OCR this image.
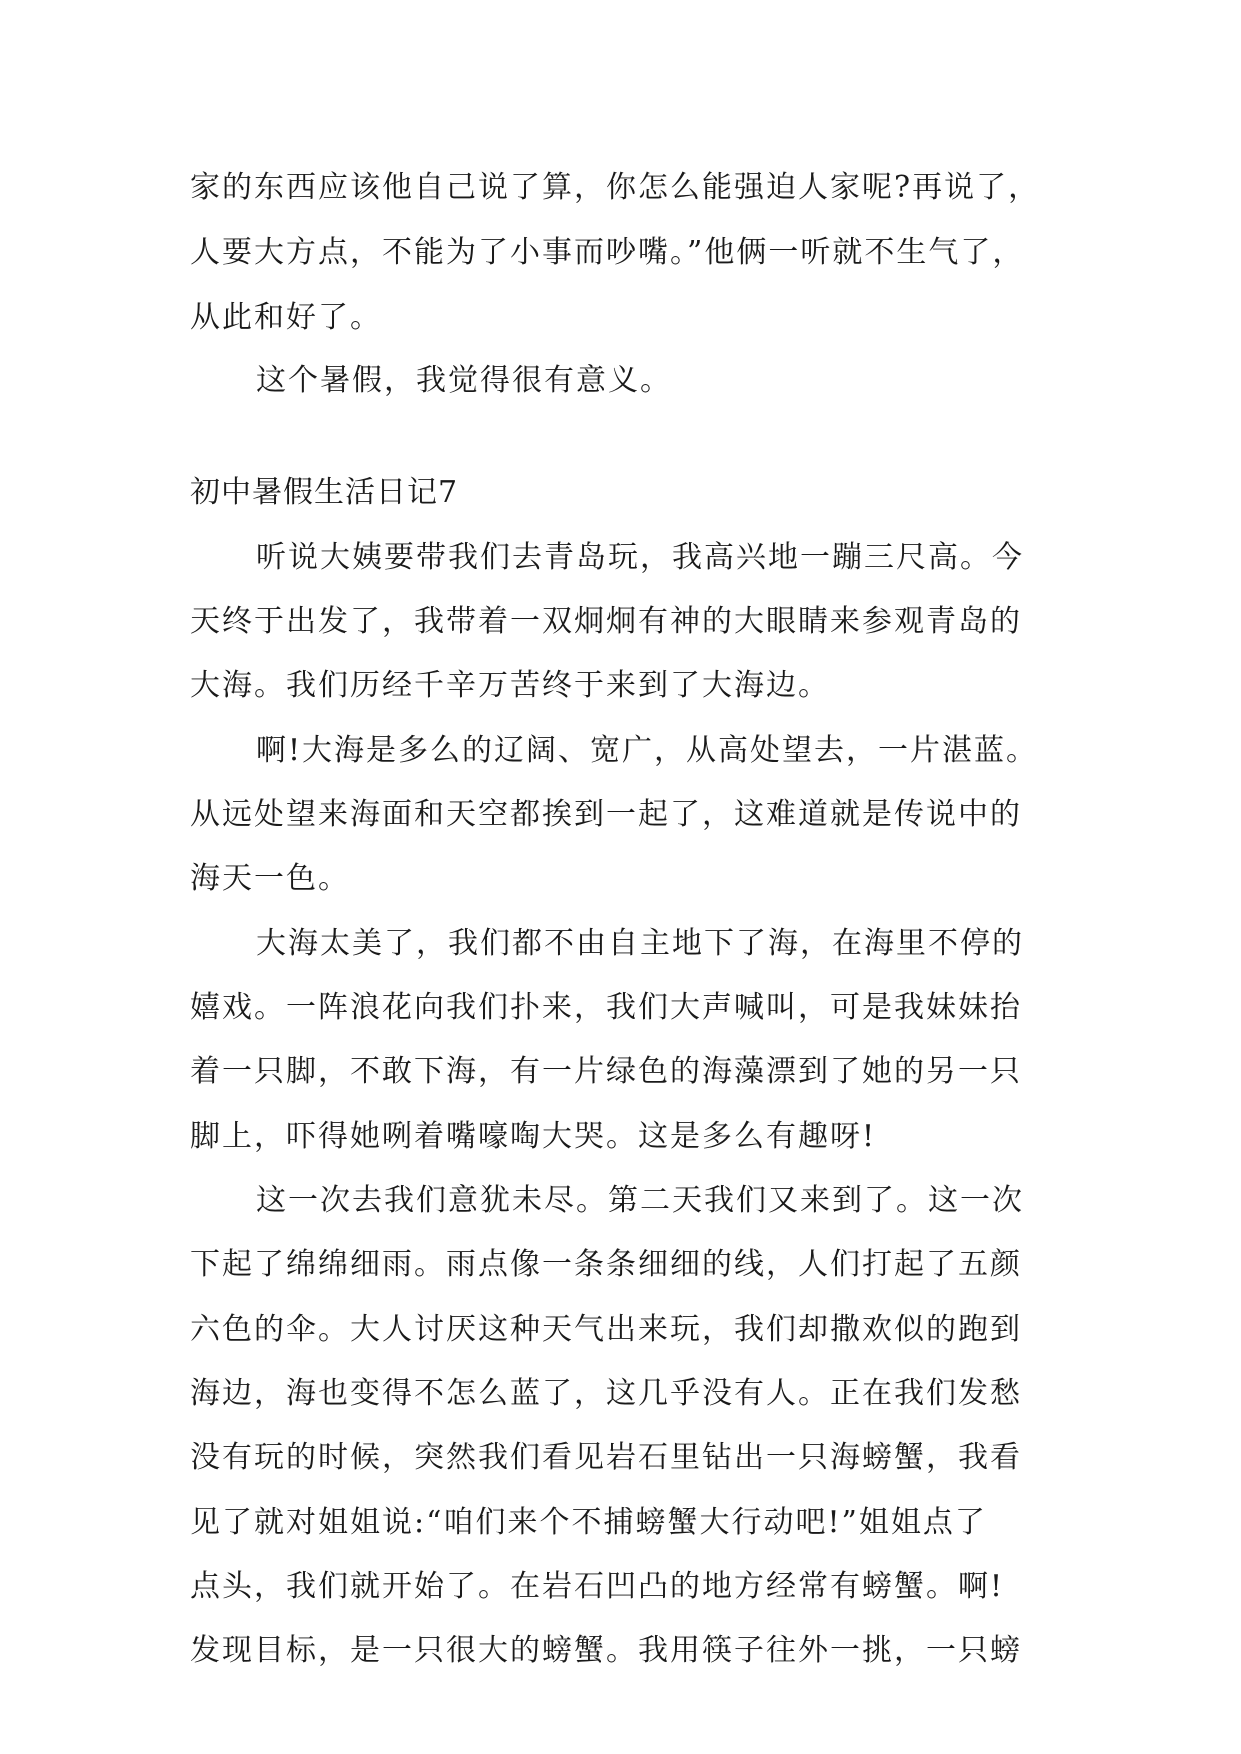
家的东西应该他自己说了算，你怎么能强迫人家呢?再说了，

人要大方点，不能为了小事而吵嘴。”他俩一听就不生气了，

从此和好了。

这个暑假，我觉得很有意义。

初中暑假生活日记7

听说大姨要带我们去青岛玩，我高兴地一蹦三尺高。今

天终于出发了，我带着一双炯炯有神的大眼睛来参观青岛的

大海。我们历经千辛万苦终于来到了大海边。

啊!大海是多么的辽阔、宽广，从高处望去，一片湛蓝。

从远处望来海面和天空都挨到一起了，这难道就是传说中的

海天一色。

大海太美了，我们都不由自主地下了海，在海里不停的

嬉戏。一阵浪花向我们扑来，我们大声喊叫，可是我妹妹抬

着一只脚，不敢下海，有一片绿色的海藻漂到了她的另一只

脚上，吓得她咧着嘴嚎啕大哭。这是多么有趣呀!

这一次去我们意犹未尽。第二天我们又来到了。这一次

下起了绵绵细雨。雨点像一条条细细的线，人们打起了五颜

六色的伞。大人讨厌这种天气出来玩，我们却撒欢似的跑到

海边，海也变得不怎么蓝了，这几乎没有人。正在我们发愁

没有玩的时候，突然我们看见岩石里钻出一只海螃蟹，我看

见了就对姐姐说:“咱们来个不捕螃蟹大行动吧!”姐姐点了

点头，我们就开始了。在岩石凹凸的地方经常有螃蟹。啊!

发现目标，是一只很大的螃蟹。我用筷子往外一挑，一只螃
